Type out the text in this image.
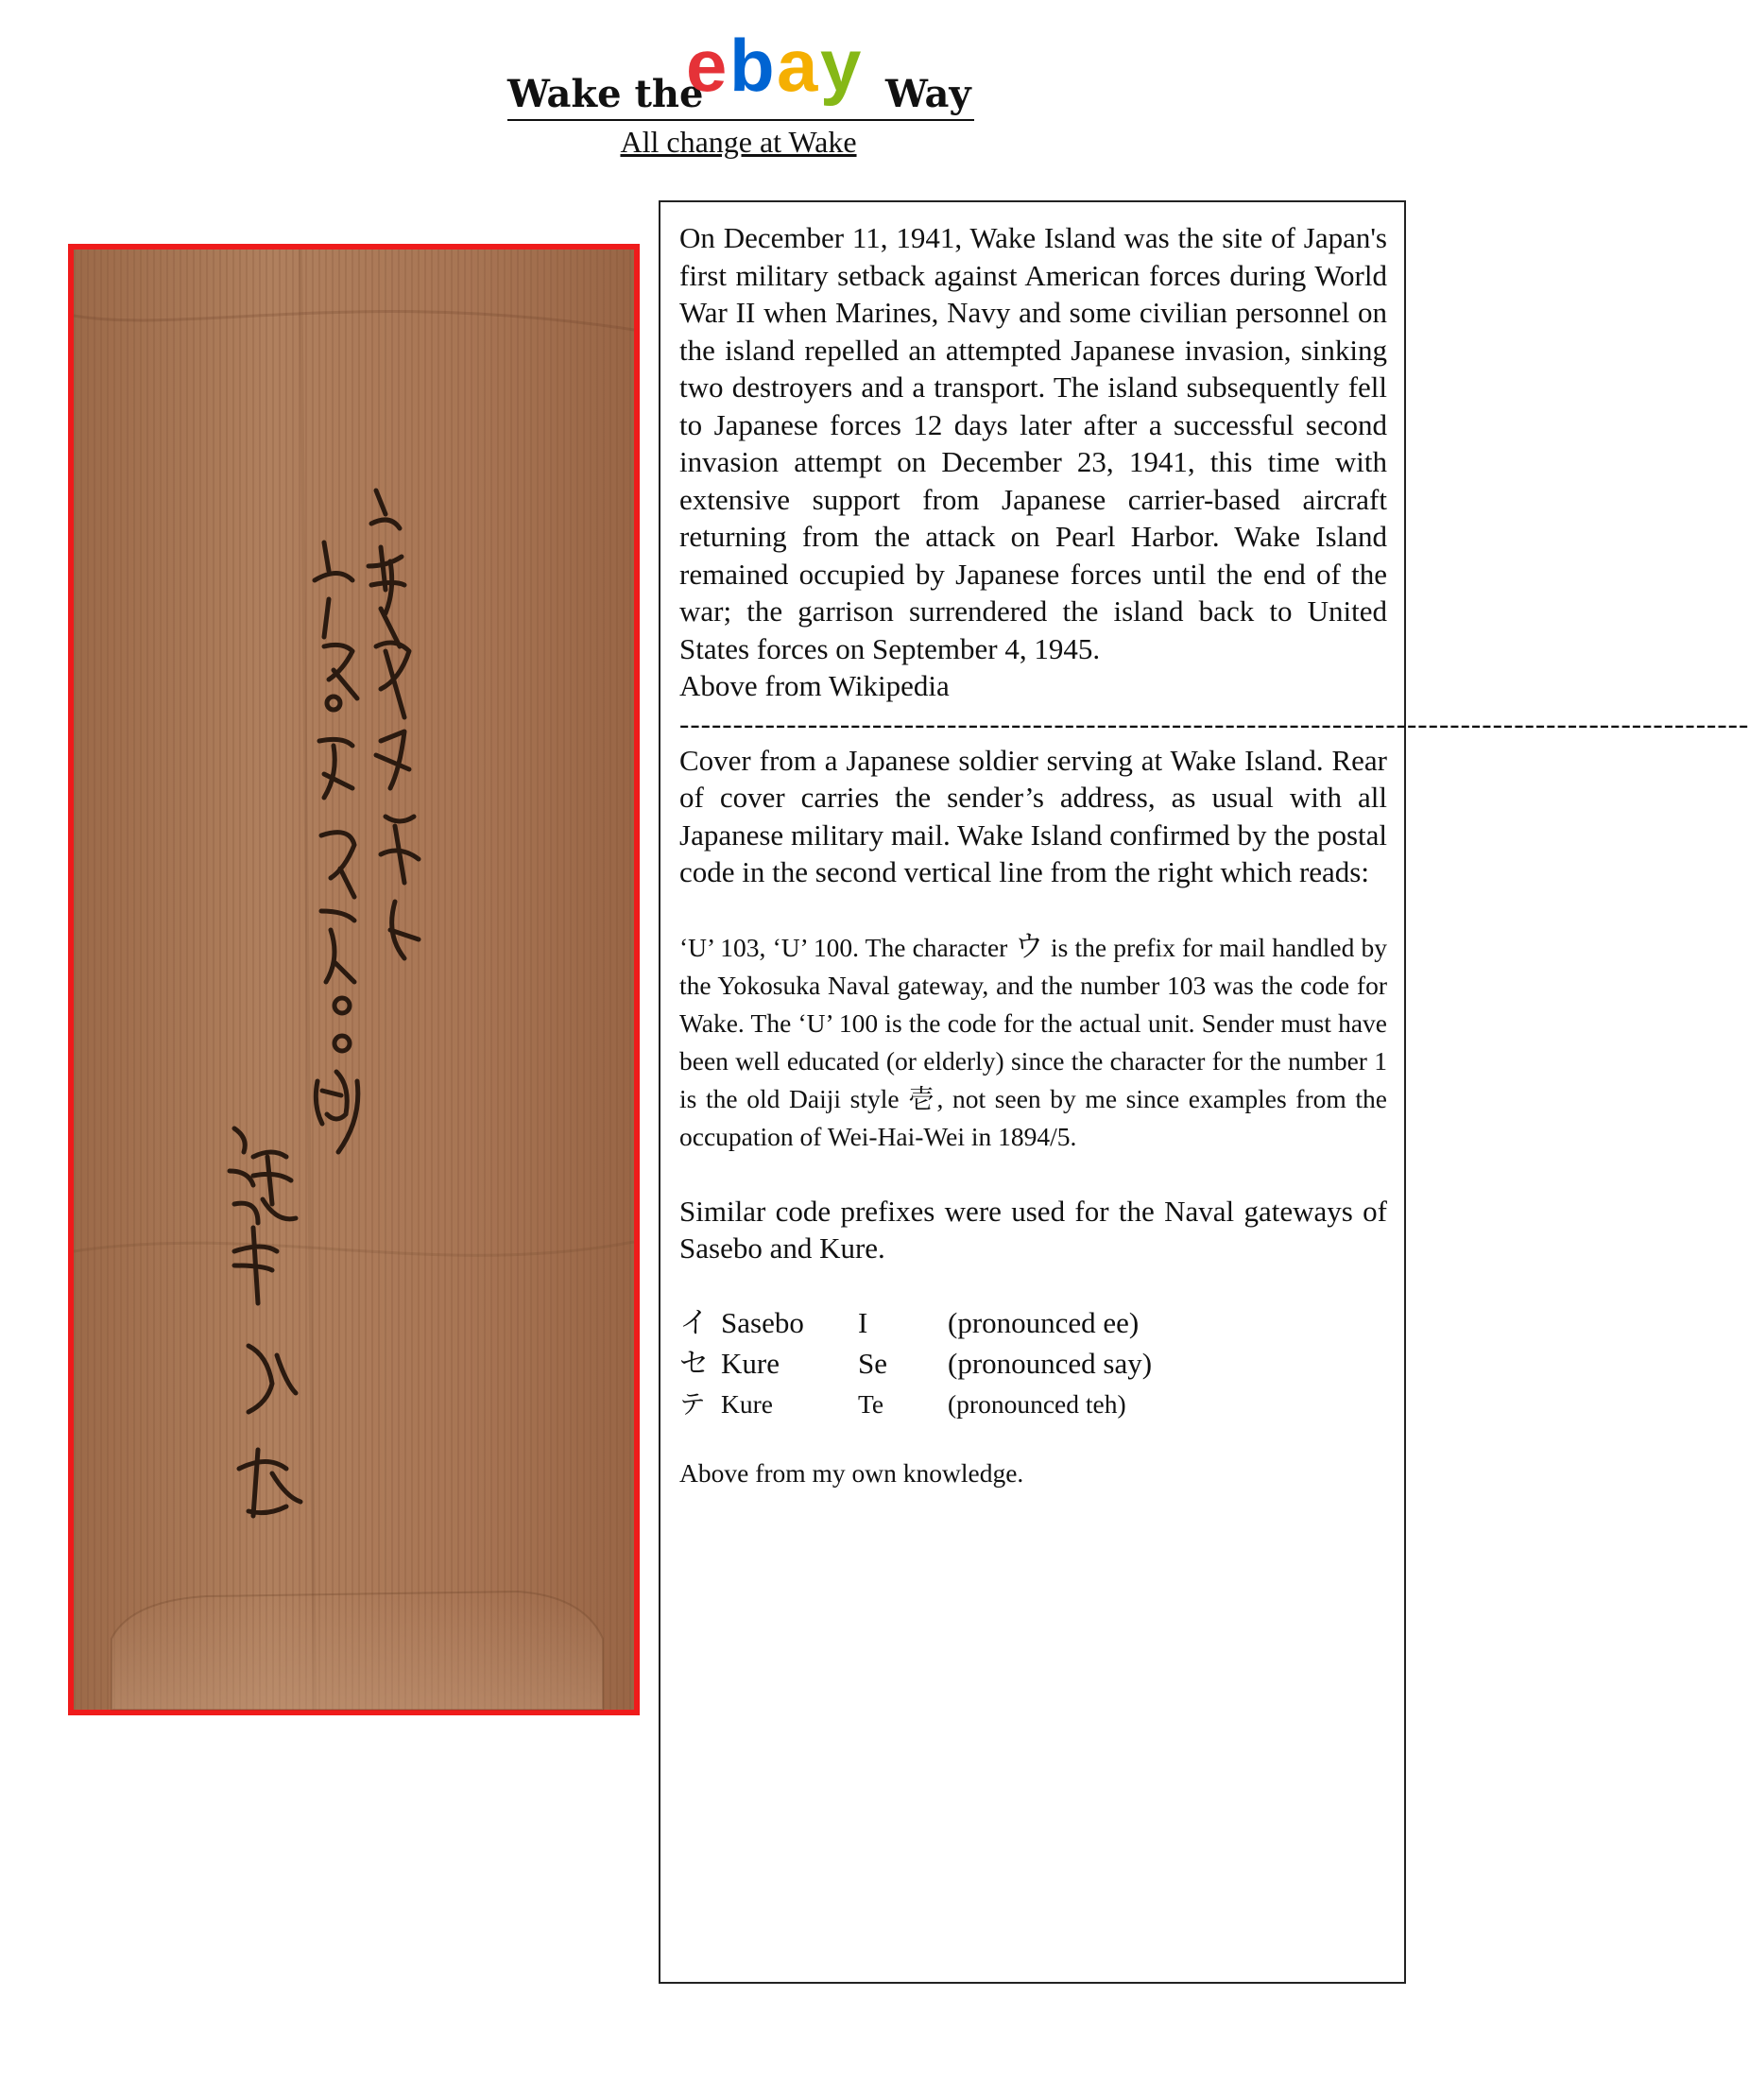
Wake the
e b a y Way
All change at Wake

On December 11, 1941, Wake Island was the site of Japan's first military setback against American forces during World War II when Marines, Navy and some civilian personnel on the island repelled an attempted Japanese invasion, sinking two destroyers and a transport. The island subsequently fell to Japanese forces 12 days later after a successful second invasion attempt on December 23, 1941, this time with extensive support from Japanese carrier-based aircraft returning from the attack on Pearl Harbor. Wake Island remained occupied by Japanese forces until the end of the war; the garrison surrendered the island back to United States forces on September 4, 1945.

Above from Wikipedia

----------------------------------------------------------------------------------------------------

Cover from a Japanese soldier serving at Wake Island. Rear of cover carries the sender’s address, as usual with all Japanese military mail. Wake Island confirmed by the postal code in the second vertical line from the right which reads:

‘U’ 103, ‘U’ 100. The character ウ is the prefix for mail handled by the Yokosuka Naval gateway, and the number 103 was the code for Wake. The ‘U’ 100 is the code for the actual unit. Sender must have been well educated (or elderly) since the character for the number 1 is the old Daiji style 壱, not seen by me since examples from the occupation of Wei-Hai-Wei in 1894/5.

Similar code prefixes were used for the Naval gateways of Sasebo and Kure.

イ	Sasebo	I	(pronounced ee)
セ	Kure	Se	(pronounced say)
テ	Kure	Te	(pronounced teh)

Above from my own knowledge.
